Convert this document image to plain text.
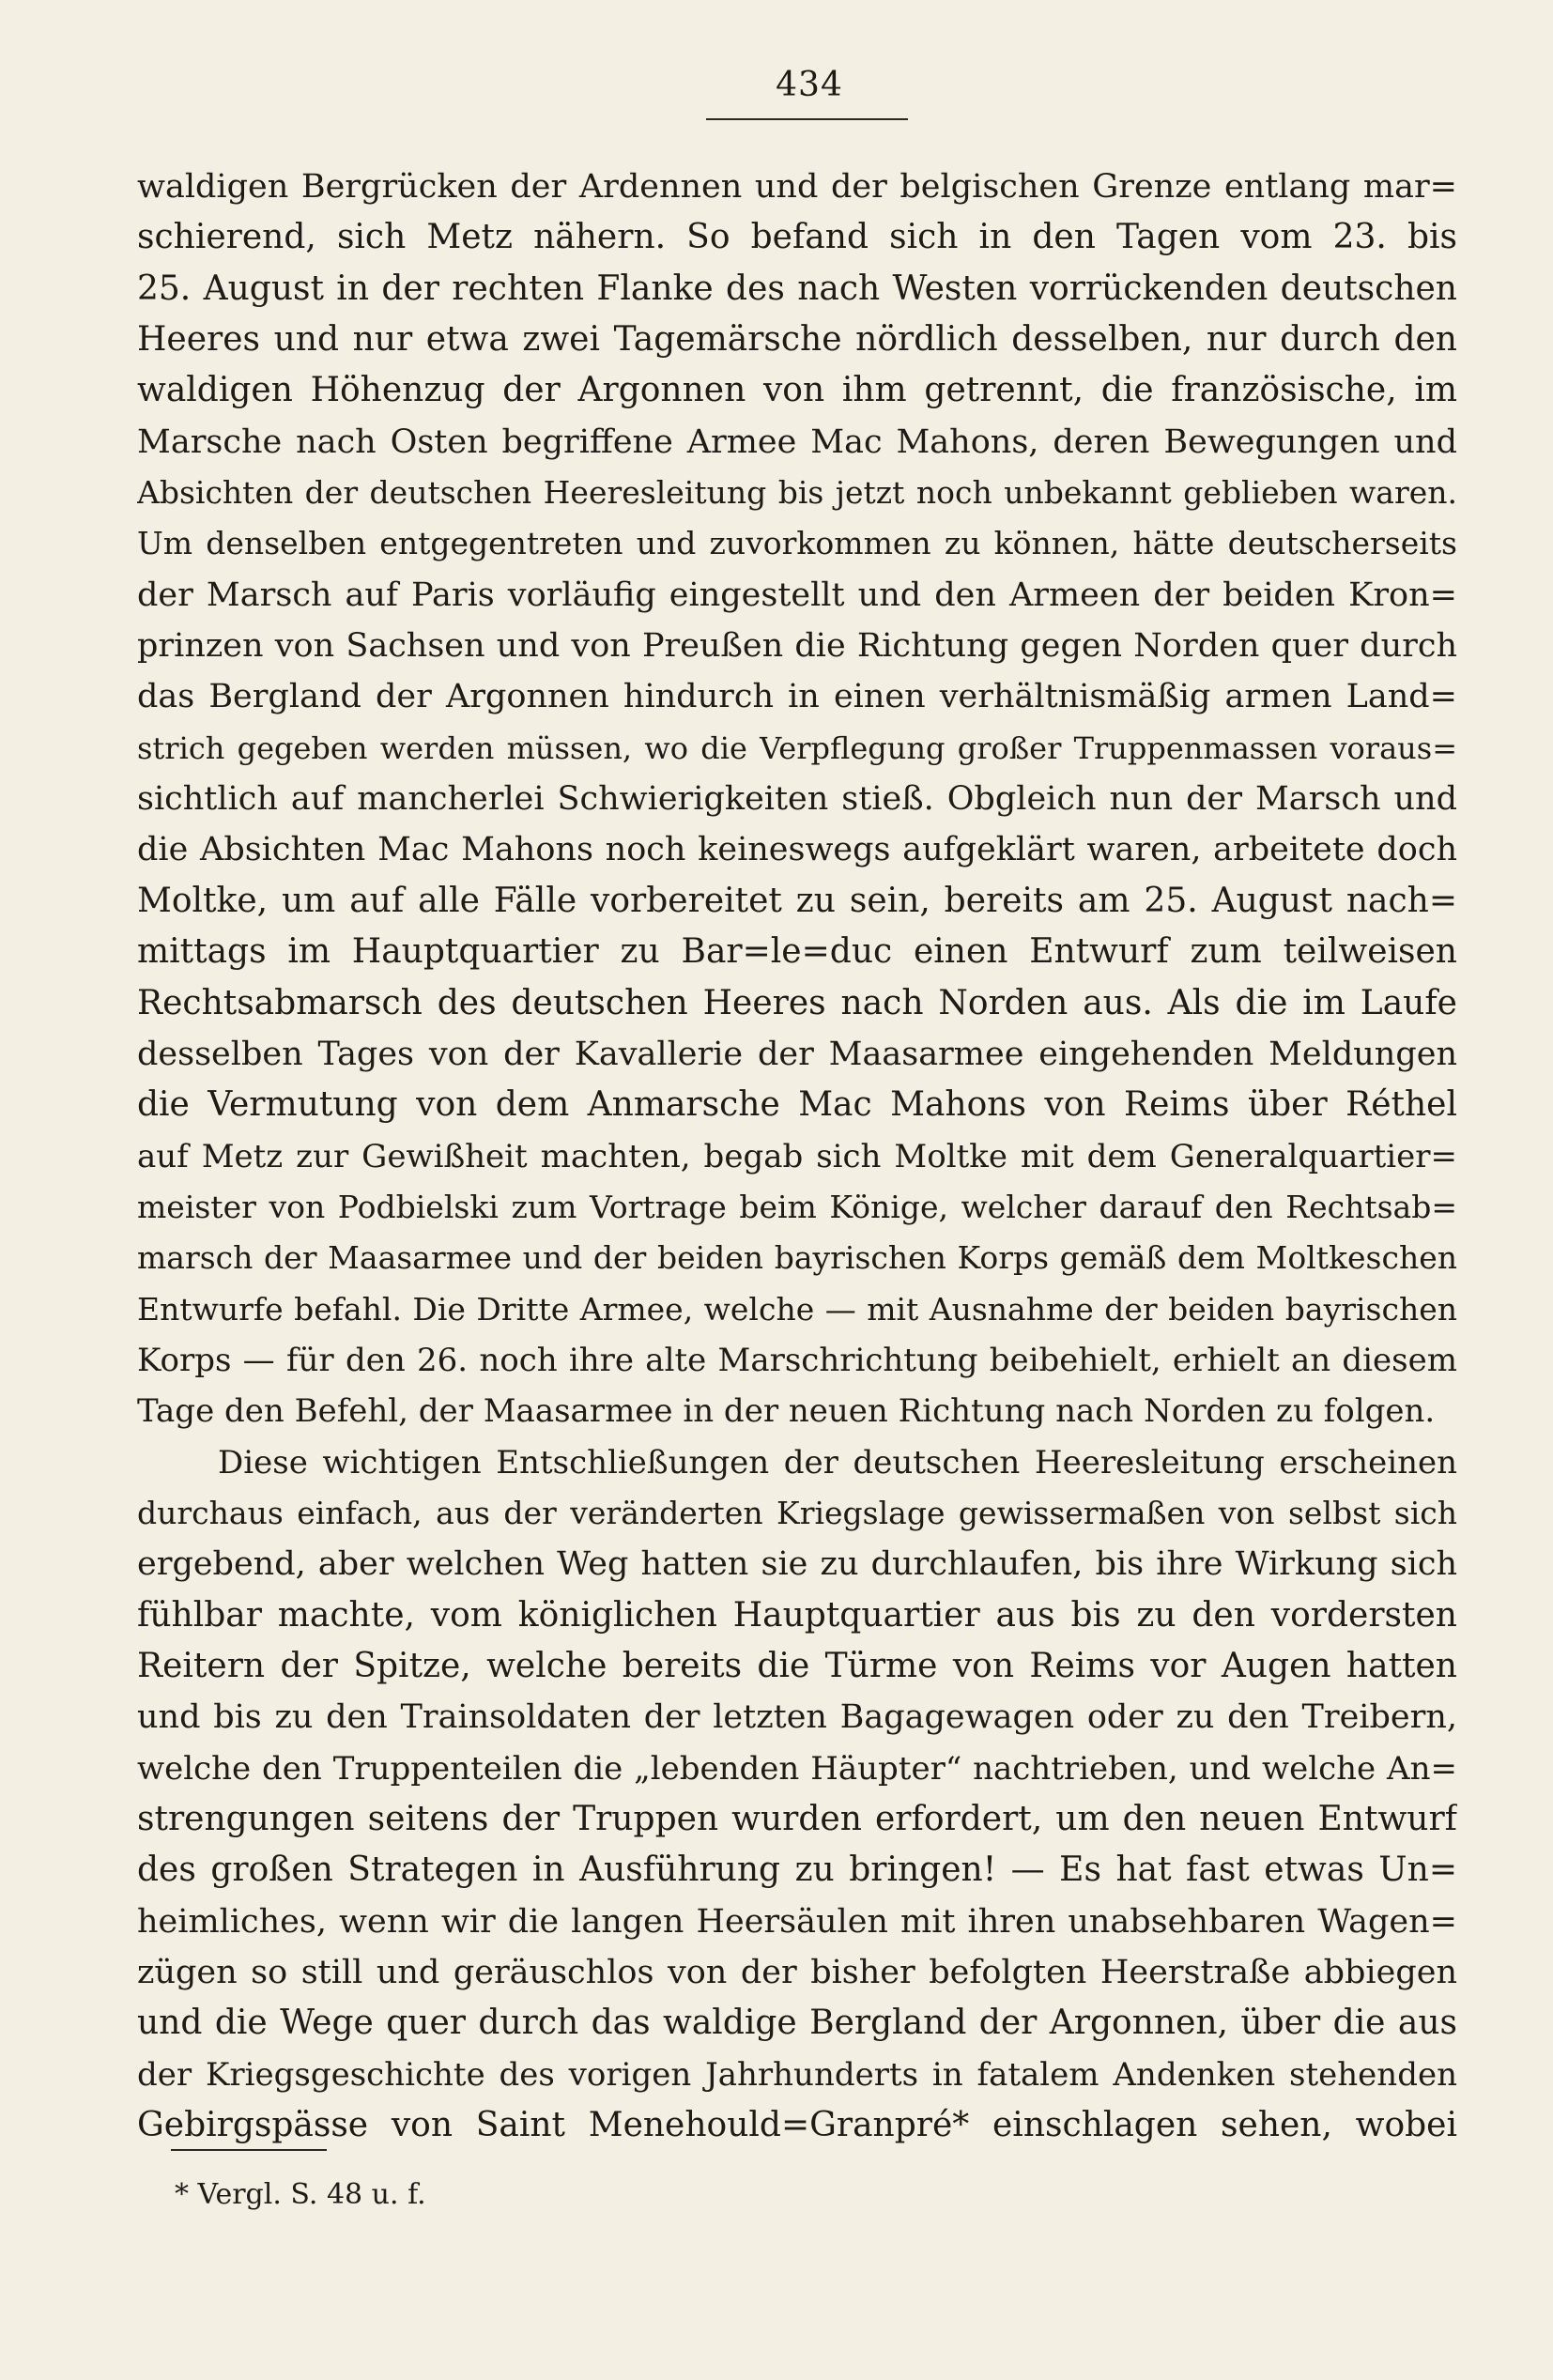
434
waldigen Bergrücken der Ardennen und der belgischen Grenze entlang mar=
schierend, sich Metz nähern. So befand sich in den Tagen vom 23. bis
25. August in der rechten Flanke des nach Westen vorrückenden deutschen
Heeres und nur etwa zwei Tagemärsche nördlich desselben, nur durch den
waldigen Höhenzug der Argonnen von ihm getrennt, die französische, im
Marsche nach Osten begriffene Armee Mac Mahons, deren Bewegungen und
Absichten der deutschen Heeresleitung bis jetzt noch unbekannt geblieben waren.
Um denselben entgegentreten und zuvorkommen zu können, hätte deutscherseits
der Marsch auf Paris vorläufig eingestellt und den Armeen der beiden Kron=
prinzen von Sachsen und von Preußen die Richtung gegen Norden quer durch
das Bergland der Argonnen hindurch in einen verhältnismäßig armen Land=
strich gegeben werden müssen, wo die Verpflegung großer Truppenmassen voraus=
sichtlich auf mancherlei Schwierigkeiten stieß. Obgleich nun der Marsch und
die Absichten Mac Mahons noch keineswegs aufgeklärt waren, arbeitete doch
Moltke, um auf alle Fälle vorbereitet zu sein, bereits am 25. August nach=
mittags im Hauptquartier zu Bar=le=duc einen Entwurf zum teilweisen
Rechtsabmarsch des deutschen Heeres nach Norden aus. Als die im Laufe
desselben Tages von der Kavallerie der Maasarmee eingehenden Meldungen
die Vermutung von dem Anmarsche Mac Mahons von Reims über Réthel
auf Metz zur Gewißheit machten, begab sich Moltke mit dem Generalquartier=
meister von Podbielski zum Vortrage beim Könige, welcher darauf den Rechtsab=
marsch der Maasarmee und der beiden bayrischen Korps gemäß dem Moltkeschen
Entwurfe befahl. Die Dritte Armee, welche — mit Ausnahme der beiden bayrischen
Korps — für den 26. noch ihre alte Marschrichtung beibehielt, erhielt an diesem
Tage den Befehl, der Maasarmee in der neuen Richtung nach Norden zu folgen.
Diese wichtigen Entschließungen der deutschen Heeresleitung erscheinen
durchaus einfach, aus der veränderten Kriegslage gewissermaßen von selbst sich
ergebend, aber welchen Weg hatten sie zu durchlaufen, bis ihre Wirkung sich
fühlbar machte, vom königlichen Hauptquartier aus bis zu den vordersten
Reitern der Spitze, welche bereits die Türme von Reims vor Augen hatten
und bis zu den Trainsoldaten der letzten Bagagewagen oder zu den Treibern,
welche den Truppenteilen die „lebenden Häupter“ nachtrieben, und welche An=
strengungen seitens der Truppen wurden erfordert, um den neuen Entwurf
des großen Strategen in Ausführung zu bringen! — Es hat fast etwas Un=
heimliches, wenn wir die langen Heersäulen mit ihren unabsehbaren Wagen=
zügen so still und geräuschlos von der bisher befolgten Heerstraße abbiegen
und die Wege quer durch das waldige Bergland der Argonnen, über die aus
der Kriegsgeschichte des vorigen Jahrhunderts in fatalem Andenken stehenden
Gebirgspässe von Saint Menehould=Granpré* einschlagen sehen, wobei
* Vergl. S. 48 u. f.
